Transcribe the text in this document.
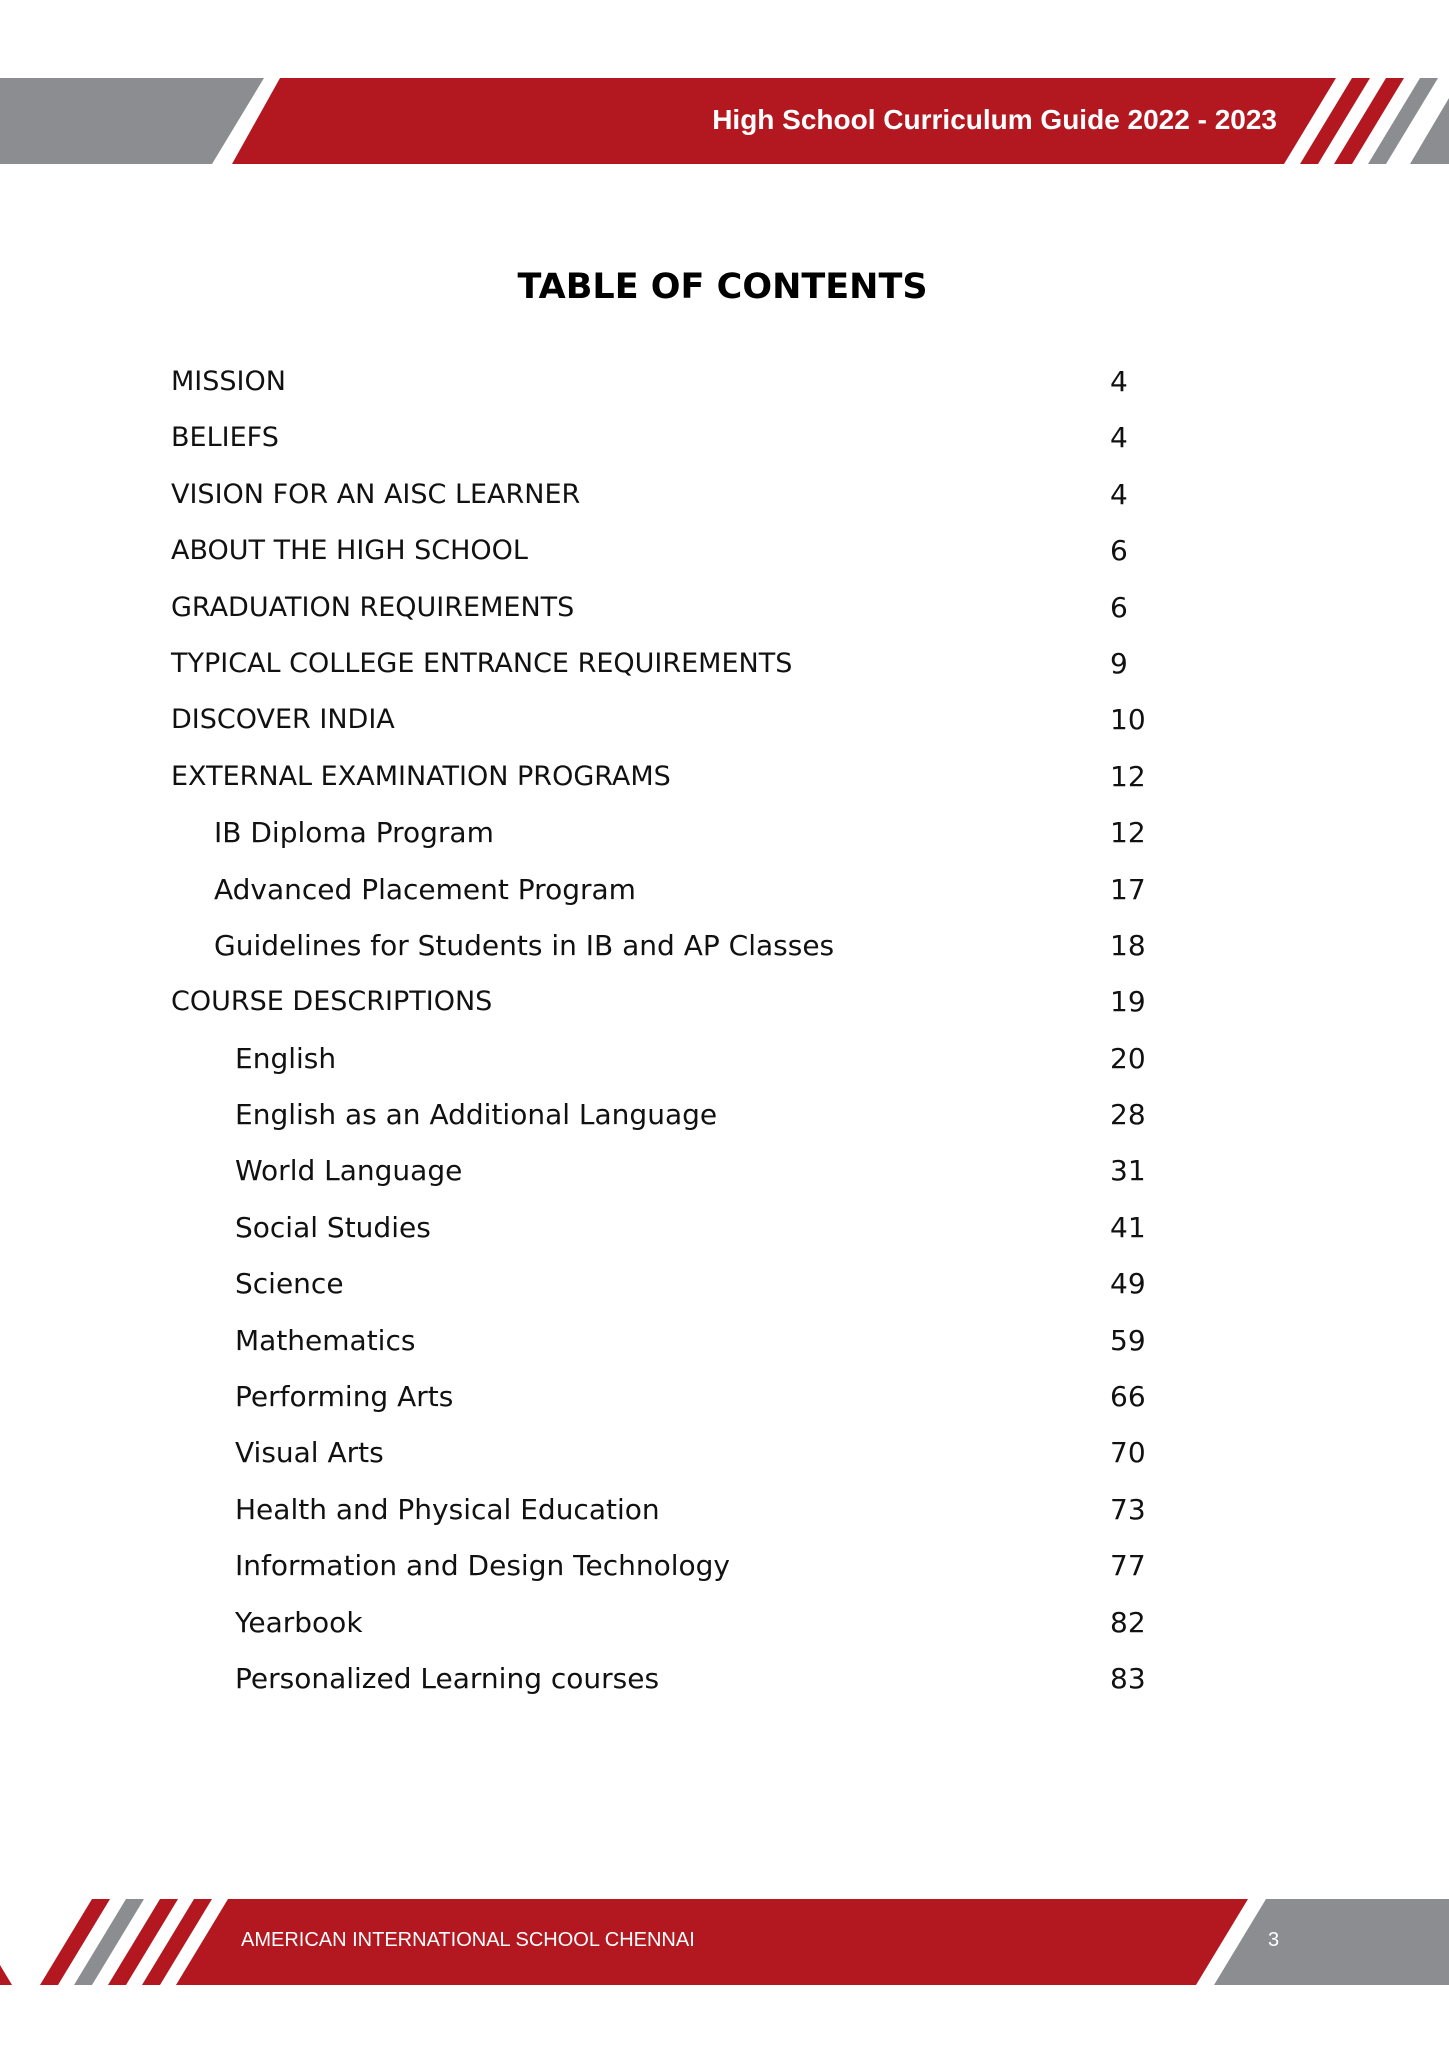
High School Curriculum Guide 2022 - 2023
TABLE OF CONTENTS
MISSION	4
BELIEFS	4
VISION FOR AN AISC LEARNER	4
ABOUT THE HIGH SCHOOL	6
GRADUATION REQUIREMENTS	6
TYPICAL COLLEGE ENTRANCE REQUIREMENTS	9
DISCOVER INDIA	10
EXTERNAL EXAMINATION PROGRAMS	12
IB Diploma Program	12
Advanced Placement Program	17
Guidelines for Students in IB and AP Classes	18
COURSE DESCRIPTIONS	19
English	20
English as an Additional Language	28
World Language	31
Social Studies	41
Science	49
Mathematics	59
Performing Arts	66
Visual Arts	70
Health and Physical Education	73
Information and Design Technology	77
Yearbook	82
Personalized Learning courses	83
AMERICAN INTERNATIONAL SCHOOL CHENNAI	3
